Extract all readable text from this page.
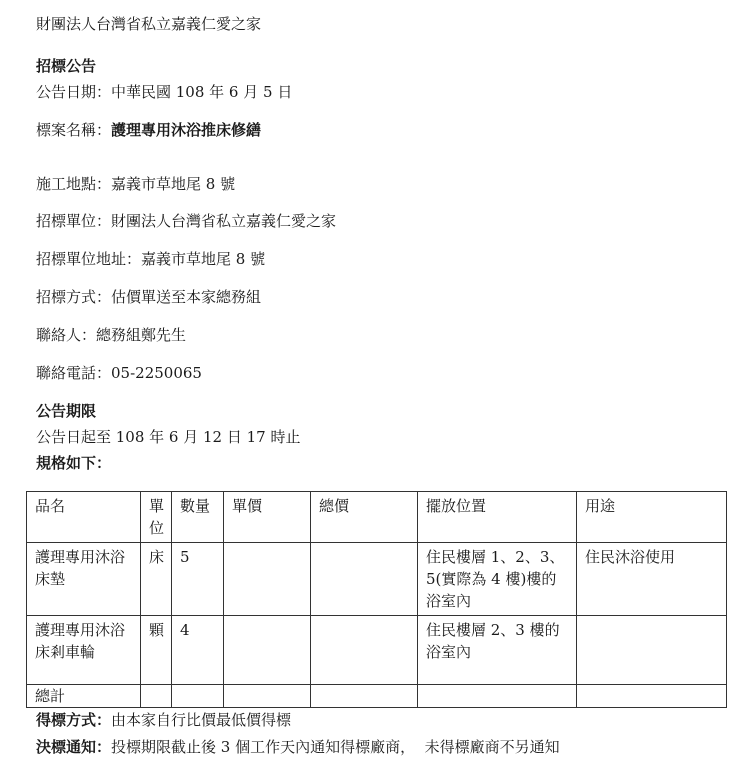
財團法人台灣省私立嘉義仁愛之家
招標公告
公告日期：中華民國 108 年 6 月 5 日
標案名稱：護理專用沐浴推床修繕
施工地點：嘉義市草地尾 8 號
招標單位：財團法人台灣省私立嘉義仁愛之家
招標單位地址：嘉義市草地尾 8 號
招標方式：估價單送至本家總務組
聯絡人：總務組鄭先生
聯絡電話：05-2250065
公告期限
公告日起至 108 年 6 月 12 日 17 時止
規格如下：
品名	單位	數量	單價	總價	擺放位置	用途
護理專用沐浴床墊	床	5			住民樓層 1、2、3、5(實際為 4 樓)樓的浴室內	住民沐浴使用
護理專用沐浴床剎車輪	顆	4			住民樓層 2、3 樓的浴室內	
總計						
得標方式：由本家自行比價最低價得標
決標通知：投標期限截止後 3 個工作天內通知得標廠商，  未得標廠商不另通知
